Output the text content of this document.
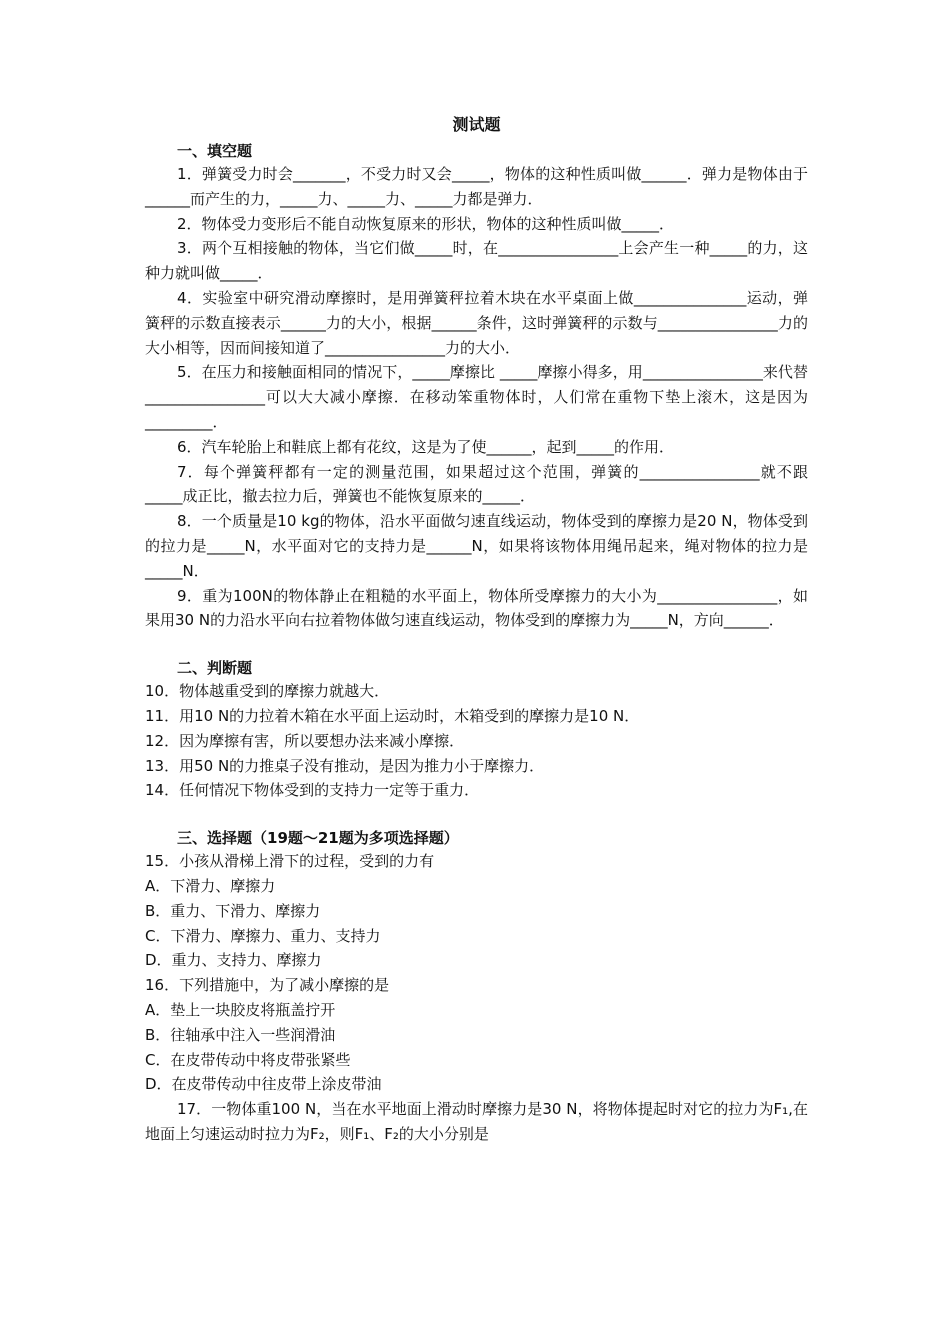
测试题
一、填空题
1．弹簧受力时会_______，不受力时又会_____，物体的这种性质叫做______．弹力是物体由于______而产生的力，_____力、_____力、_____力都是弹力．
2．物体受力变形后不能自动恢复原来的形状，物体的这种性质叫做_____．
3．两个互相接触的物体，当它们做_____时，在________________上会产生一种_____的力，这种力就叫做_____．
4．实验室中研究滑动摩擦时，是用弹簧秤拉着木块在水平桌面上做_______________运动，弹簧秤的示数直接表示______力的大小，根据______条件，这时弹簧秤的示数与________________力的大小相等，因而间接知道了________________力的大小．
5．在压力和接触面相同的情况下，_____摩擦比 _____摩擦小得多，用________________来代替________________可以大大减小摩擦．在移动笨重物体时，人们常在重物下垫上滚木，这是因为_________．
6．汽车轮胎上和鞋底上都有花纹，这是为了使______，起到_____的作用．
7．每个弹簧秤都有一定的测量范围，如果超过这个范围，弹簧的________________就不跟_____成正比，撤去拉力后，弹簧也不能恢复原来的_____．
8．一个质量是10 kg的物体，沿水平面做匀速直线运动，物体受到的摩擦力是20 N，物体受到的拉力是_____N，水平面对它的支持力是______N，如果将该物体用绳吊起来，绳对物体的拉力是_____N．
9．重为100N的物体静止在粗糙的水平面上，物体所受摩擦力的大小为________________，如果用30 N的力沿水平向右拉着物体做匀速直线运动，物体受到的摩擦力为_____N，方向______．
二、判断题
10．物体越重受到的摩擦力就越大．
11．用10 N的力拉着木箱在水平面上运动时，木箱受到的摩擦力是10 N．
12．因为摩擦有害，所以要想办法来减小摩擦．
13．用50 N的力推桌子没有推动，是因为推力小于摩擦力．
14．任何情况下物体受到的支持力一定等于重力．
三、选择题（19题～21题为多项选择题）
15．小孩从滑梯上滑下的过程，受到的力有
A．下滑力、摩擦力
B．重力、下滑力、摩擦力
C．下滑力、摩擦力、重力、支持力
D．重力、支持力、摩擦力
16．下列措施中，为了减小摩擦的是
A．垫上一块胶皮将瓶盖拧开
B．往轴承中注入一些润滑油
C．在皮带传动中将皮带张紧些
D．在皮带传动中往皮带上涂皮带油
17．一物体重100 N，当在水平地面上滑动时摩擦力是30 N，将物体提起时对它的拉力为F₁,在地面上匀速运动时拉力为F₂，则F₁、F₂的大小分别是
